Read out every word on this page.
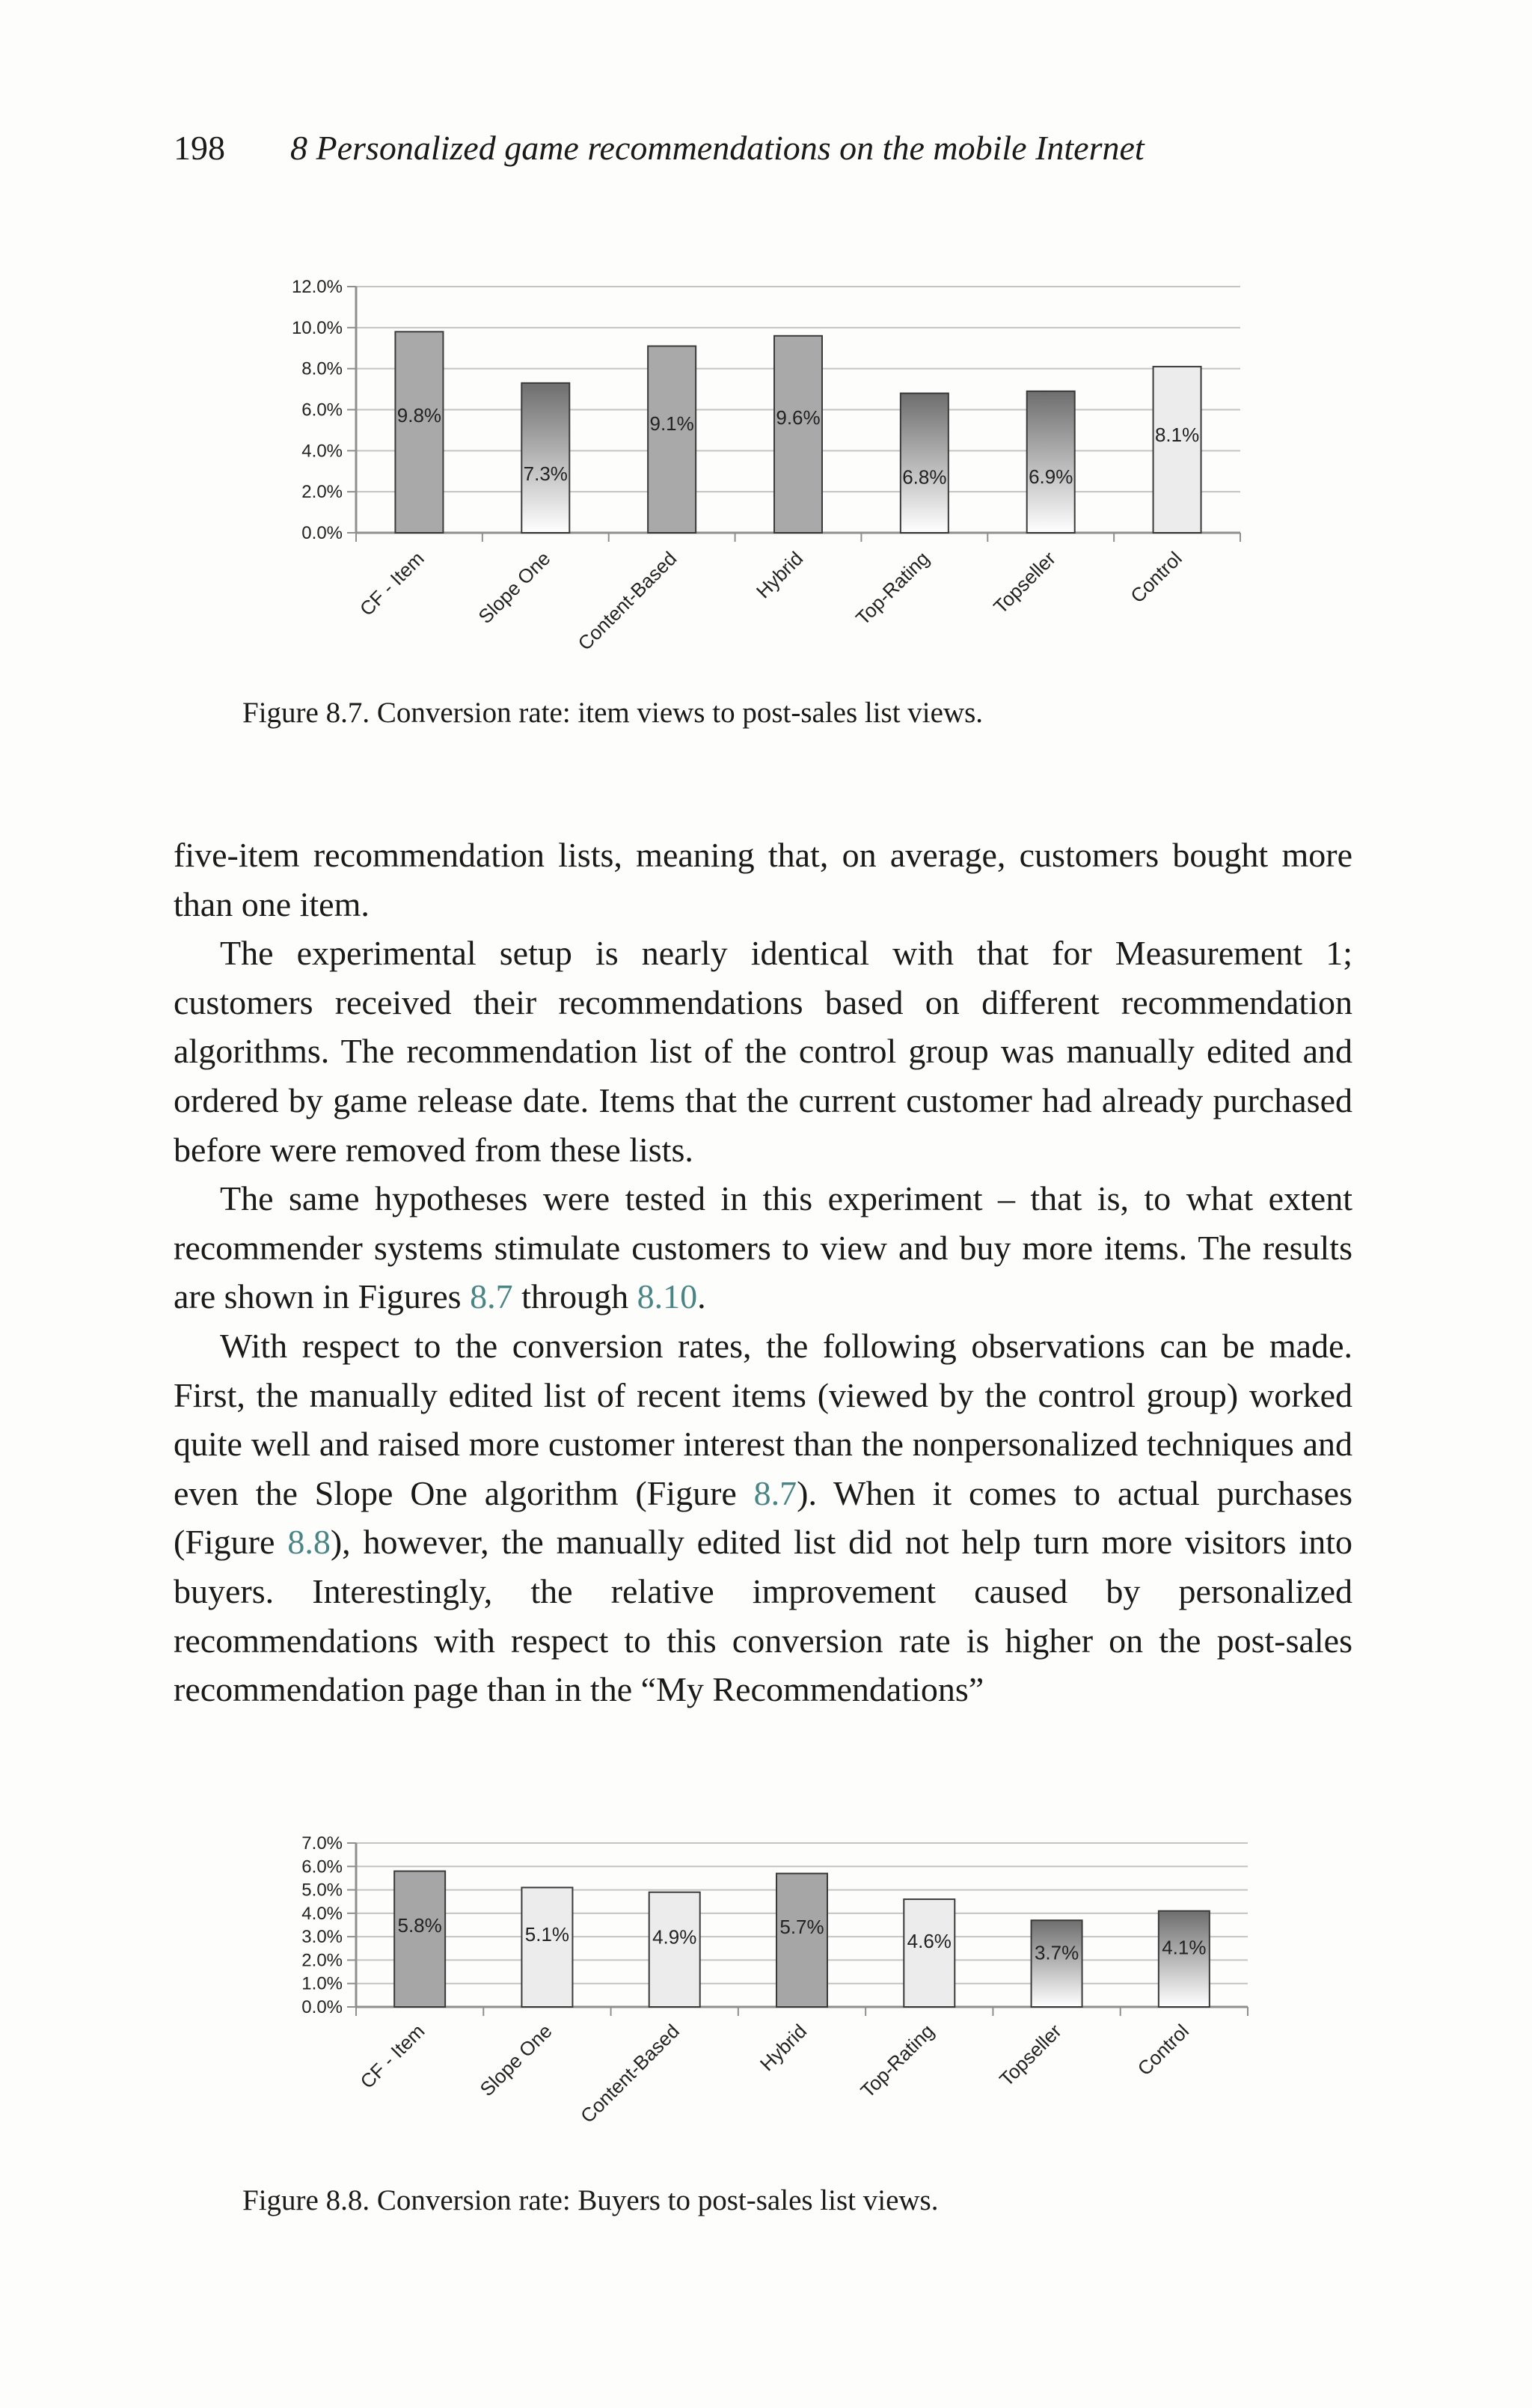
198 8 Personalized game recommendations on the mobile Internet
0.0%
2.0%
4.0%
6.0%
8.0%
10.0%
12.0%
9.8%
CF - Item
7.3%
Slope One
9.1%
Content-Based
9.6%
Hybrid
6.8%
Top-Rating
6.9%
Topseller
8.1%
Control
Figure 8.7. Conversion rate: item views to post-sales list views.

five-item recommendation lists, meaning that, on average, customers bought more than one item.

The experimental setup is nearly identical with that for Measurement 1; customers received their recommendations based on different recommendation algorithms. The recommendation list of the control group was manually edited and ordered by game release date. Items that the current customer had already purchased before were removed from these lists.

The same hypotheses were tested in this experiment – that is, to what extent recommender systems stimulate customers to view and buy more items. The results are shown in Figures 8.7 through 8.10.

With respect to the conversion rates, the following observations can be made. First, the manually edited list of recent items (viewed by the control group) worked quite well and raised more customer interest than the nonpersonalized techniques and even the Slope One algorithm (Figure 8.7). When it comes to actual purchases (Figure 8.8), however, the manually edited list did not help turn more visitors into buyers. Interestingly, the relative improvement caused by personalized recommendations with respect to this conversion rate is higher on the post-sales recommendation page than in the “My Recommendations”

0.0%
1.0%
2.0%
3.0%
4.0%
5.0%
6.0%
7.0%
5.8%
CF - Item
5.1%
Slope One
4.9%
Content-Based
5.7%
Hybrid
4.6%
Top-Rating
3.7%
Topseller
4.1%
Control
Figure 8.8. Conversion rate: Buyers to post-sales list views.
